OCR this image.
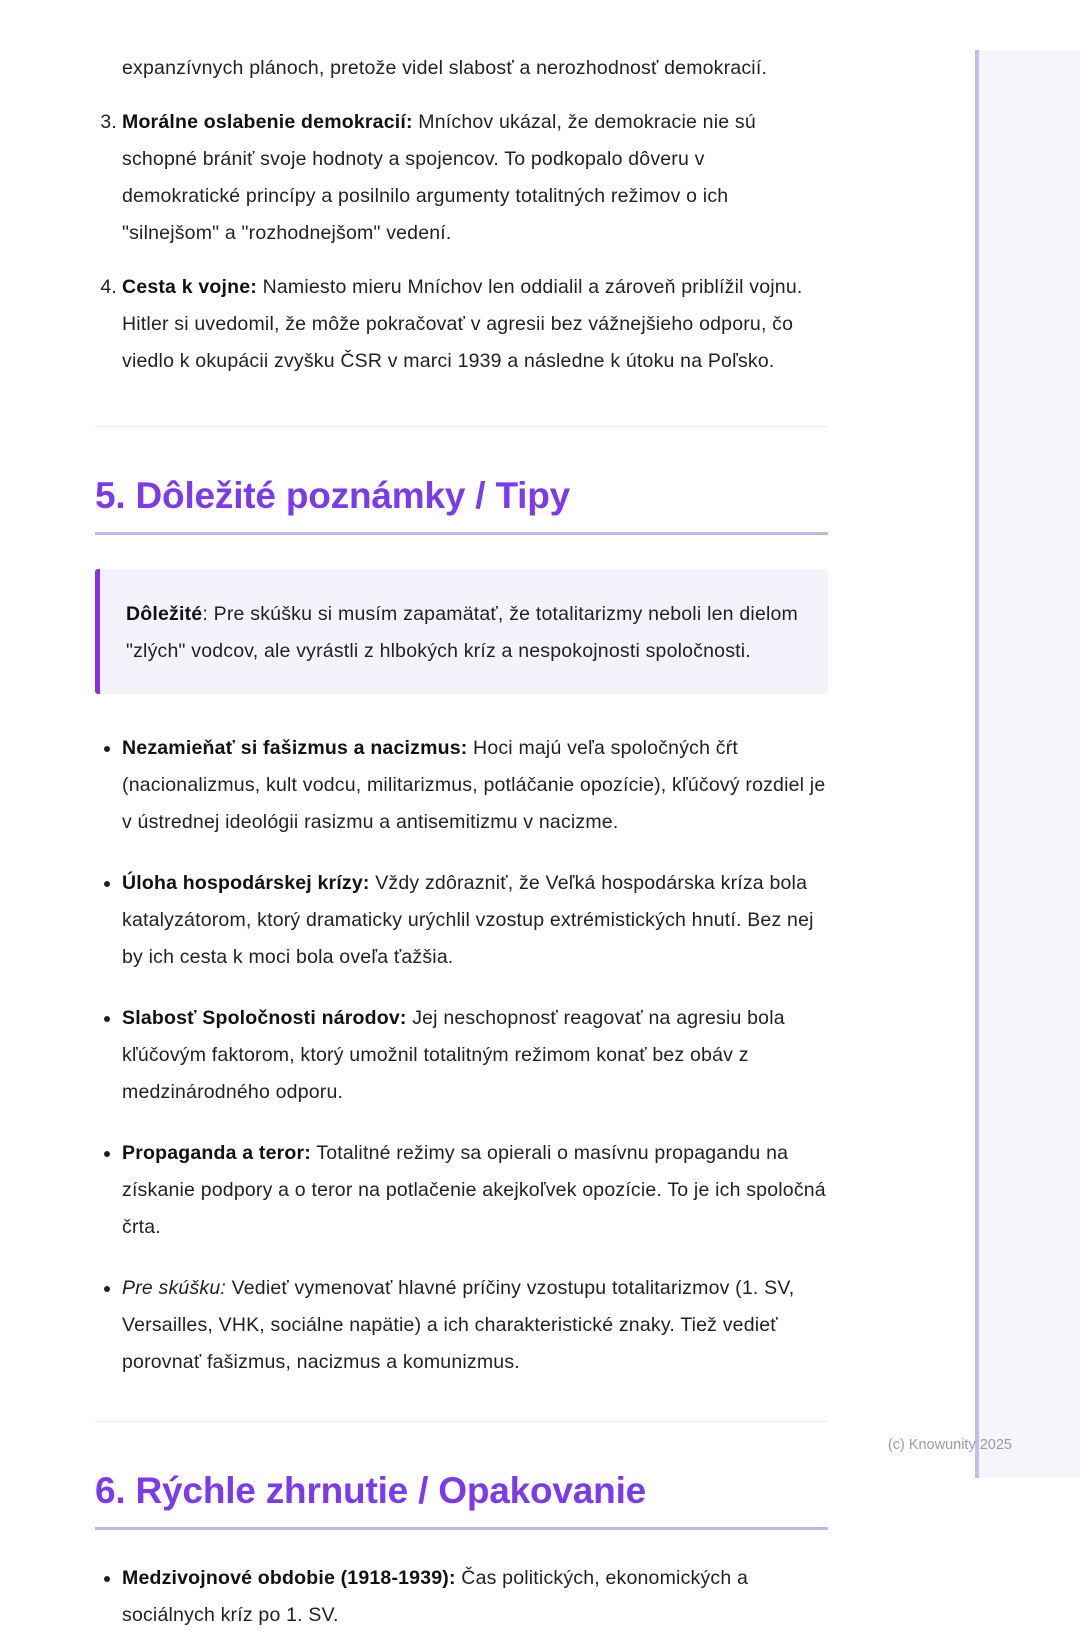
expanzívnych plánoch, pretože videl slabosť a nerozhodnosť demokracií.

Morálne oslabenie demokracií: Mníchov ukázal, že demokracie nie sú schopné brániť svoje hodnoty a spojencov. To podkopalo dôveru v demokratické princípy a posilnilo argumenty totalitných režimov o ich "silnejšom" a "rozhodnejšom" vedení.
Cesta k vojne: Namiesto mieru Mníchov len oddialil a zároveň priblížil vojnu. Hitler si uvedomil, že môže pokračovať v agresii bez vážnejšieho odporu, čo viedlo k okupácii zvyšku ČSR v marci 1939 a následne k útoku na Poľsko.
5. Dôležité poznámky / Tipy

Dôležité: Pre skúšku si musím zapamätať, že totalitarizmy neboli len dielom "zlých" vodcov, ale vyrástli z hlbokých kríz a nespokojnosti spoločnosti.

Nezamieňať si fašizmus a nacizmus: Hoci majú veľa spoločných čŕt (nacionalizmus, kult vodcu, militarizmus, potláčanie opozície), kľúčový rozdiel je v ústrednej ideológii rasizmu a antisemitizmu v nacizme.
Úloha hospodárskej krízy: Vždy zdôrazniť, že Veľká hospodárska kríza bola katalyzátorom, ktorý dramaticky urýchlil vzostup extrémistických hnutí. Bez nej by ich cesta k moci bola oveľa ťažšia.
Slabosť Spoločnosti národov: Jej neschopnosť reagovať na agresiu bola kľúčovým faktorom, ktorý umožnil totalitným režimom konať bez obáv z medzinárodného odporu.
Propaganda a teror: Totalitné režimy sa opierali o masívnu propagandu na získanie podpory a o teror na potlačenie akejkoľvek opozície. To je ich spoločná črta.
Pre skúšku: Vedieť vymenovať hlavné príčiny vzostupu totalitarizmov (1. SV, Versailles, VHK, sociálne napätie) a ich charakteristické znaky. Tiež vedieť porovnať fašizmus, nacizmus a komunizmus.
6. Rýchle zhrnutie / Opakovanie
Medzivojnové obdobie (1918-1939): Čas politických, ekonomických a sociálnych kríz po 1. SV.
(c) Knowunity 2025
